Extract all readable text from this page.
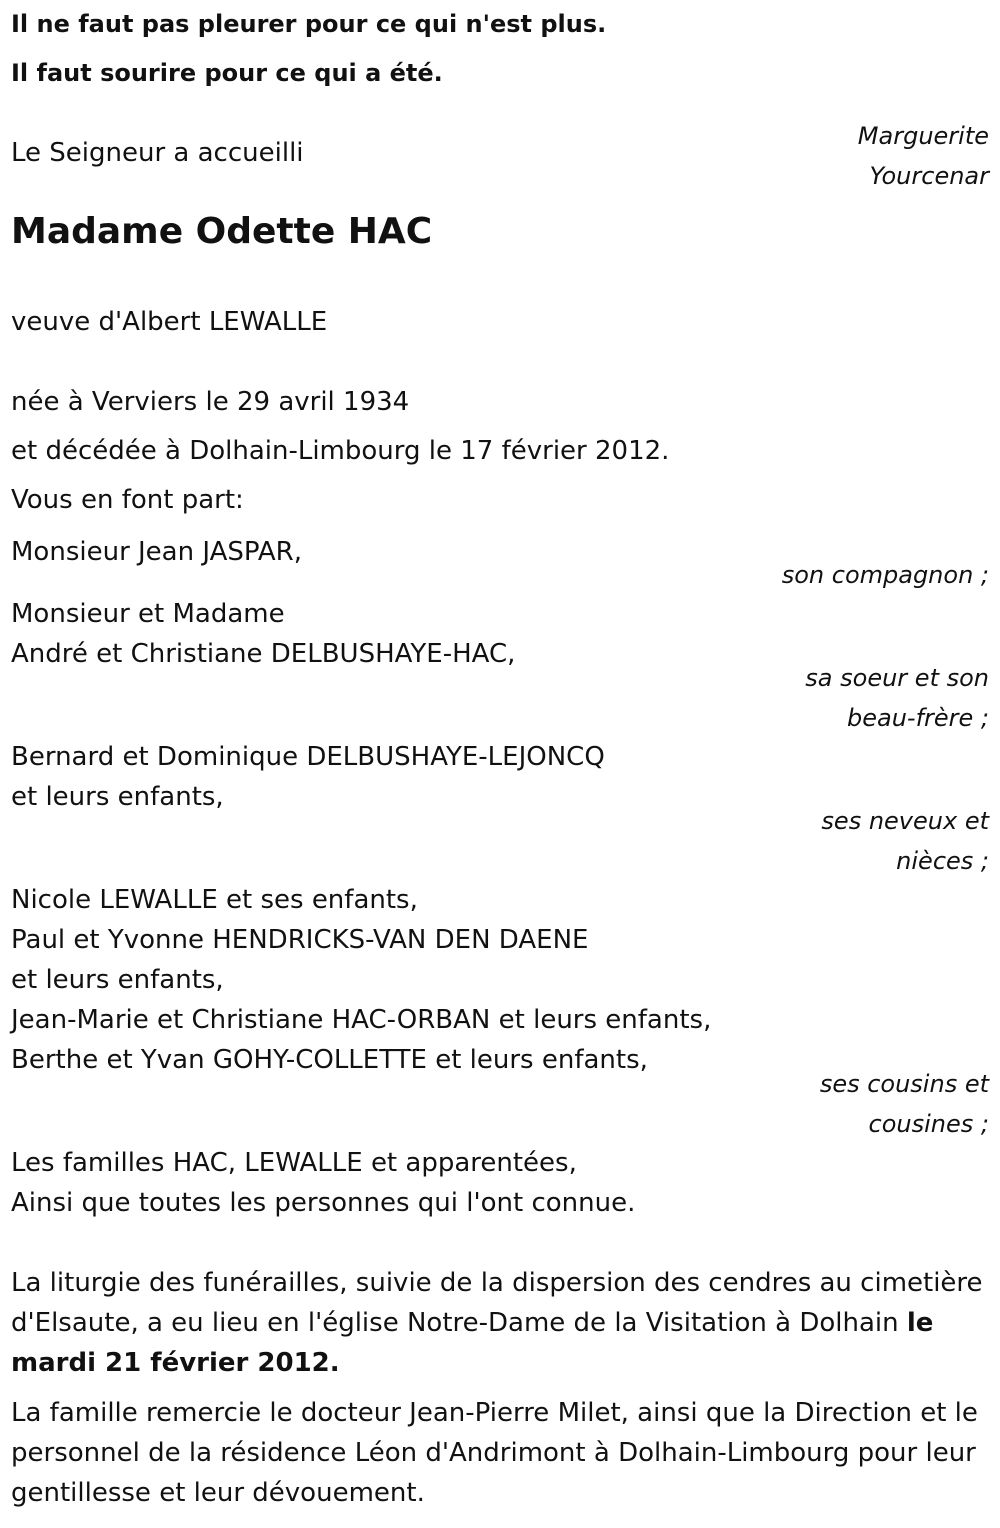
Il ne faut pas pleurer pour ce qui n'est plus.
Il faut sourire pour ce qui a été.
Marguerite
Yourcenar
Le Seigneur a accueilli
Madame Odette HAC
veuve d'Albert LEWALLE
née à Verviers le 29 avril 1934
et décédée à Dolhain-Limbourg le 17 février 2012.
Vous en font part:
Monsieur Jean JASPAR,
son compagnon ;
Monsieur et Madame
André et Christiane DELBUSHAYE-HAC,
sa soeur et son
beau-frère ;
Bernard et Dominique DELBUSHAYE-LEJONCQ
et leurs enfants,
ses neveux et
nièces ;
Nicole LEWALLE et ses enfants,
Paul et Yvonne HENDRICKS-VAN DEN DAENE
et leurs enfants,
Jean-Marie et Christiane HAC-ORBAN et leurs enfants,
Berthe et Yvan GOHY-COLLETTE et leurs enfants,
ses cousins et
cousines ;
Les familles HAC, LEWALLE et apparentées,
Ainsi que toutes les personnes qui l'ont connue.

La liturgie des funérailles, suivie de la dispersion des cendres au cimetière d'Elsaute, a eu lieu en l'église Notre-Dame de la Visitation à Dolhain le mardi 21 février 2012.

La famille remercie le docteur Jean-Pierre Milet, ainsi que la Direction et le personnel de la résidence Léon d'Andrimont à Dolhain-Limbourg pour leur gentillesse et leur dévouement.
